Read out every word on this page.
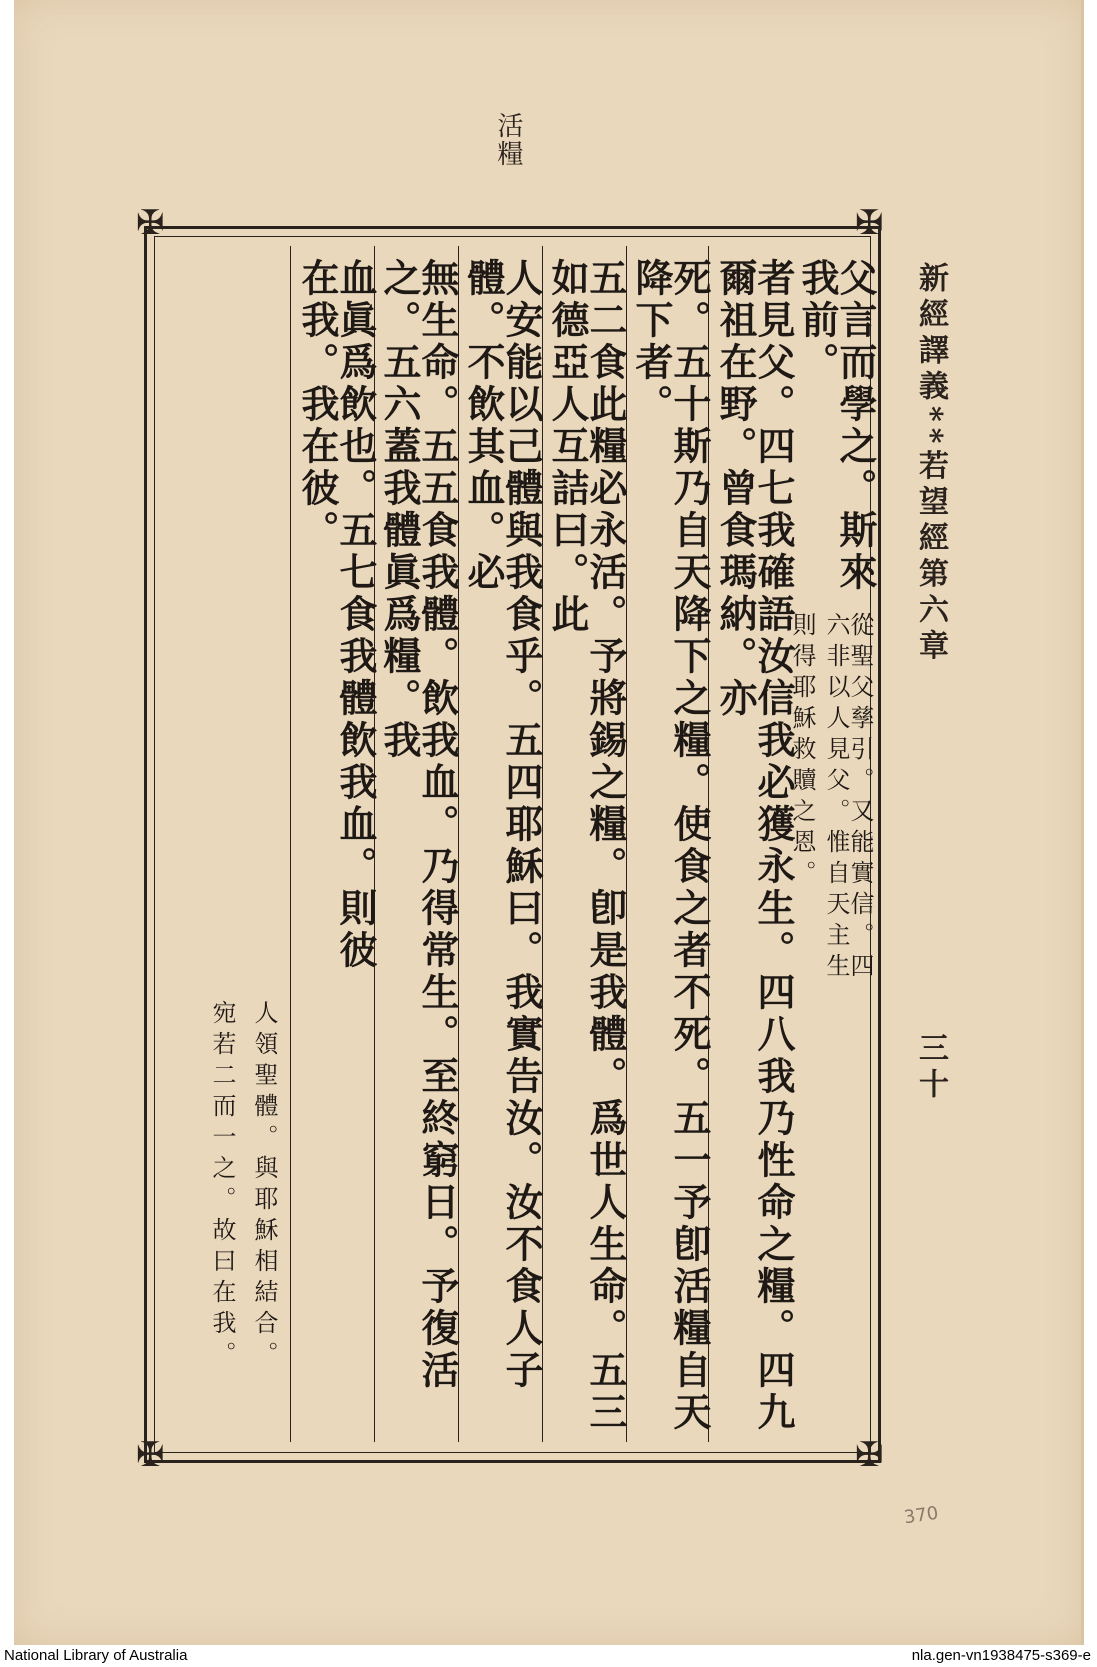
活糧
✠	✠
✠	✠
父言而學之。斯來我前。
從聖父孳引。又能實信。四六非以人見父。惟自天主生
則得耶穌救贖之恩。
者見父。四七我確語汝信我必獲永生。四八我乃性命之糧。四九爾祖在野。曾食瑪納。亦
死。五十斯乃自天降下之糧。使食之者不死。五一予卽活糧自天降下者。
五二食此糧必永活。予將錫之糧。卽是我體。爲世人生命。五三如德亞人互詰曰。此
人安能以己體與我食乎。五四耶穌曰。我實告汝。汝不食人子體。不飲其血。必
無生命。五五食我體。飲我血。乃得常生。至終窮日。予復活之。五六蓋我體眞爲糧。我
血眞爲飲也。五七食我體飲我血。則彼在我。我在彼。
人領聖體。與耶穌相結合。
宛若二而一之。故曰在我。
新經譯義**若望經第六章
三十
370
National Library of Australia	nla.gen-vn1938475-s369-e
